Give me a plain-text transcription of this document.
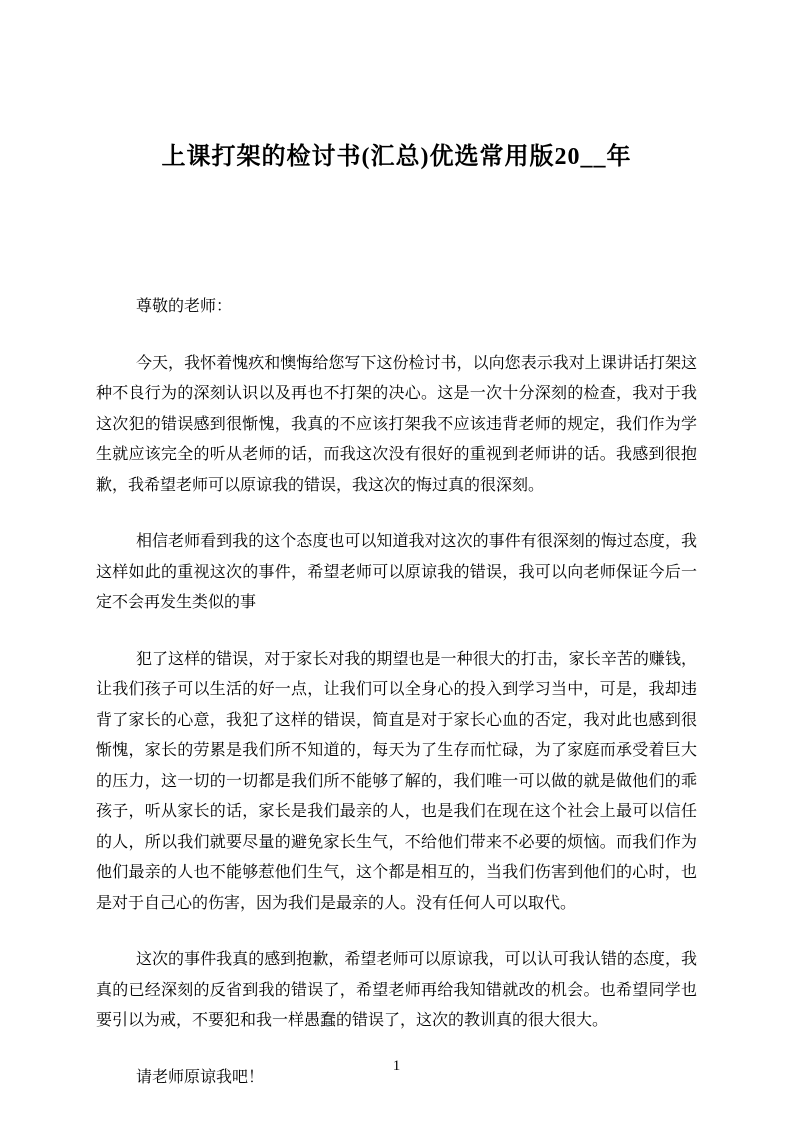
上课打架的检讨书(汇总)优选常用版20__年

尊敬的老师：

今天，我怀着愧疚和懊悔给您写下这份检讨书，以向您表示我对上课讲话打架这种不良行为的深刻认识以及再也不打架的决心。这是一次十分深刻的检查，我对于我这次犯的错误感到很惭愧，我真的不应该打架我不应该违背老师的规定，我们作为学生就应该完全的听从老师的话，而我这次没有很好的重视到老师讲的话。我感到很抱歉，我希望老师可以原谅我的错误，我这次的悔过真的很深刻。

相信老师看到我的这个态度也可以知道我对这次的事件有很深刻的悔过态度，我这样如此的重视这次的事件，希望老师可以原谅我的错误，我可以向老师保证今后一定不会再发生类似的事

犯了这样的错误，对于家长对我的期望也是一种很大的打击，家长辛苦的赚钱，让我们孩子可以生活的好一点，让我们可以全身心的投入到学习当中，可是，我却违背了家长的心意，我犯了这样的错误，简直是对于家长心血的否定，我对此也感到很惭愧，家长的劳累是我们所不知道的，每天为了生存而忙碌，为了家庭而承受着巨大的压力，这一切的一切都是我们所不能够了解的，我们唯一可以做的就是做他们的乖孩子，听从家长的话，家长是我们最亲的人，也是我们在现在这个社会上最可以信任的人，所以我们就要尽量的避免家长生气，不给他们带来不必要的烦恼。而我们作为他们最亲的人也不能够惹他们生气，这个都是相互的，当我们伤害到他们的心时，也是对于自己心的伤害，因为我们是最亲的人。没有任何人可以取代。

这次的事件我真的感到抱歉，希望老师可以原谅我，可以认可我认错的态度，我真的已经深刻的反省到我的错误了，希望老师再给我知错就改的机会。也希望同学也要引以为戒，不要犯和我一样愚蠢的错误了，这次的教训真的很大很大。

请老师原谅我吧！

1
